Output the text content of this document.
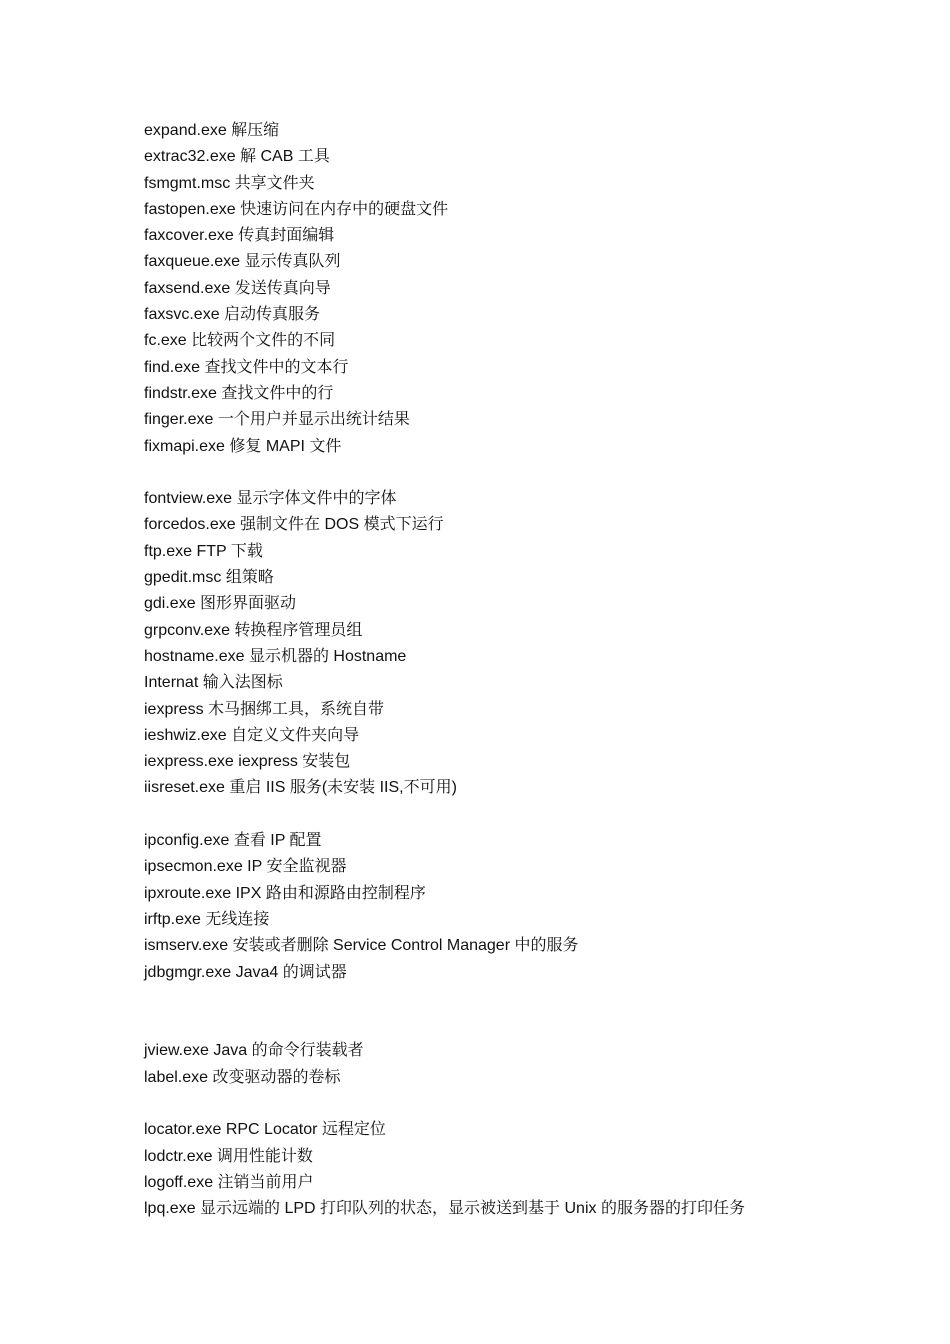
expand.exe 解压缩
extrac32.exe 解 CAB 工具
fsmgmt.msc 共享文件夹
fastopen.exe 快速访问在内存中的硬盘文件
faxcover.exe 传真封面编辑
faxqueue.exe 显示传真队列
faxsend.exe 发送传真向导
faxsvc.exe 启动传真服务
fc.exe 比较两个文件的不同
find.exe 查找文件中的文本行
findstr.exe 查找文件中的行
finger.exe 一个用户并显示出统计结果
fixmapi.exe 修复 MAPI 文件
fontview.exe 显示字体文件中的字体
forcedos.exe 强制文件在 DOS 模式下运行
ftp.exe FTP 下载
gpedit.msc 组策略
gdi.exe 图形界面驱动
grpconv.exe 转换程序管理员组
hostname.exe 显示机器的 Hostname
Internat 输入法图标
iexpress 木马捆绑工具，系统自带
ieshwiz.exe 自定义文件夹向导
iexpress.exe iexpress 安装包
iisreset.exe 重启 IIS 服务(未安装 IIS,不可用)
ipconfig.exe 查看 IP 配置
ipsecmon.exe IP 安全监视器
ipxroute.exe IPX 路由和源路由控制程序
irftp.exe 无线连接
ismserv.exe 安装或者删除 Service Control Manager 中的服务
jdbgmgr.exe Java4 的调试器
jview.exe Java 的命令行装载者
label.exe 改变驱动器的卷标
locator.exe RPC Locator 远程定位
lodctr.exe 调用性能计数
logoff.exe 注销当前用户
lpq.exe 显示远端的 LPD 打印队列的状态，显示被送到基于 Unix 的服务器的打印任务
